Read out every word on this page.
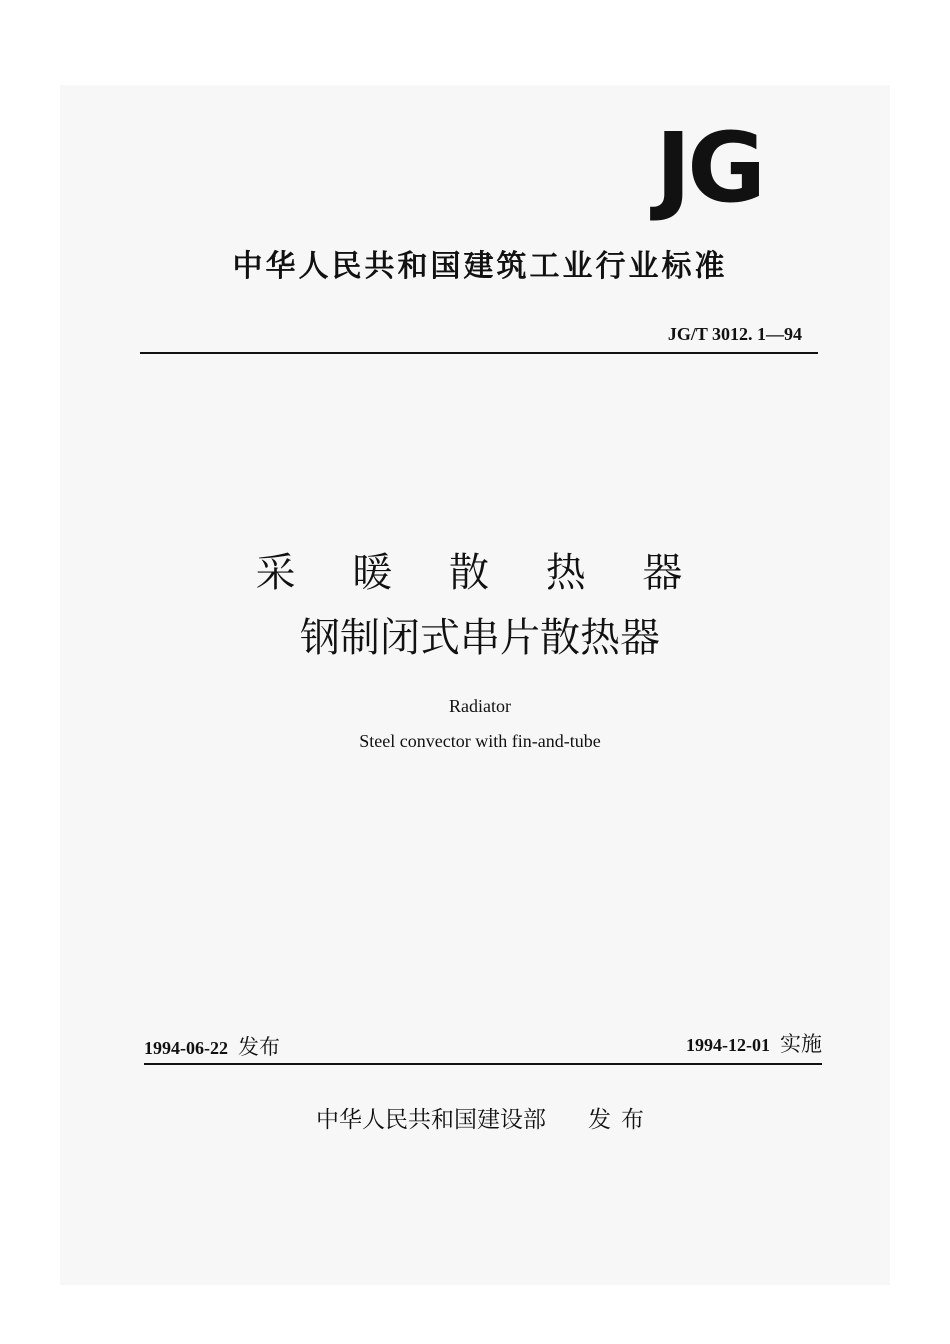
JG
中华人民共和国建筑工业行业标准
JG/T 3012. 1—94
采 暖 散 热 器
钢制闭式串片散热器
Radiator
Steel convector with fin-and-tube
1994-06-22 发布	1994-12-01 实施
中华人民共和国建设部 发布
